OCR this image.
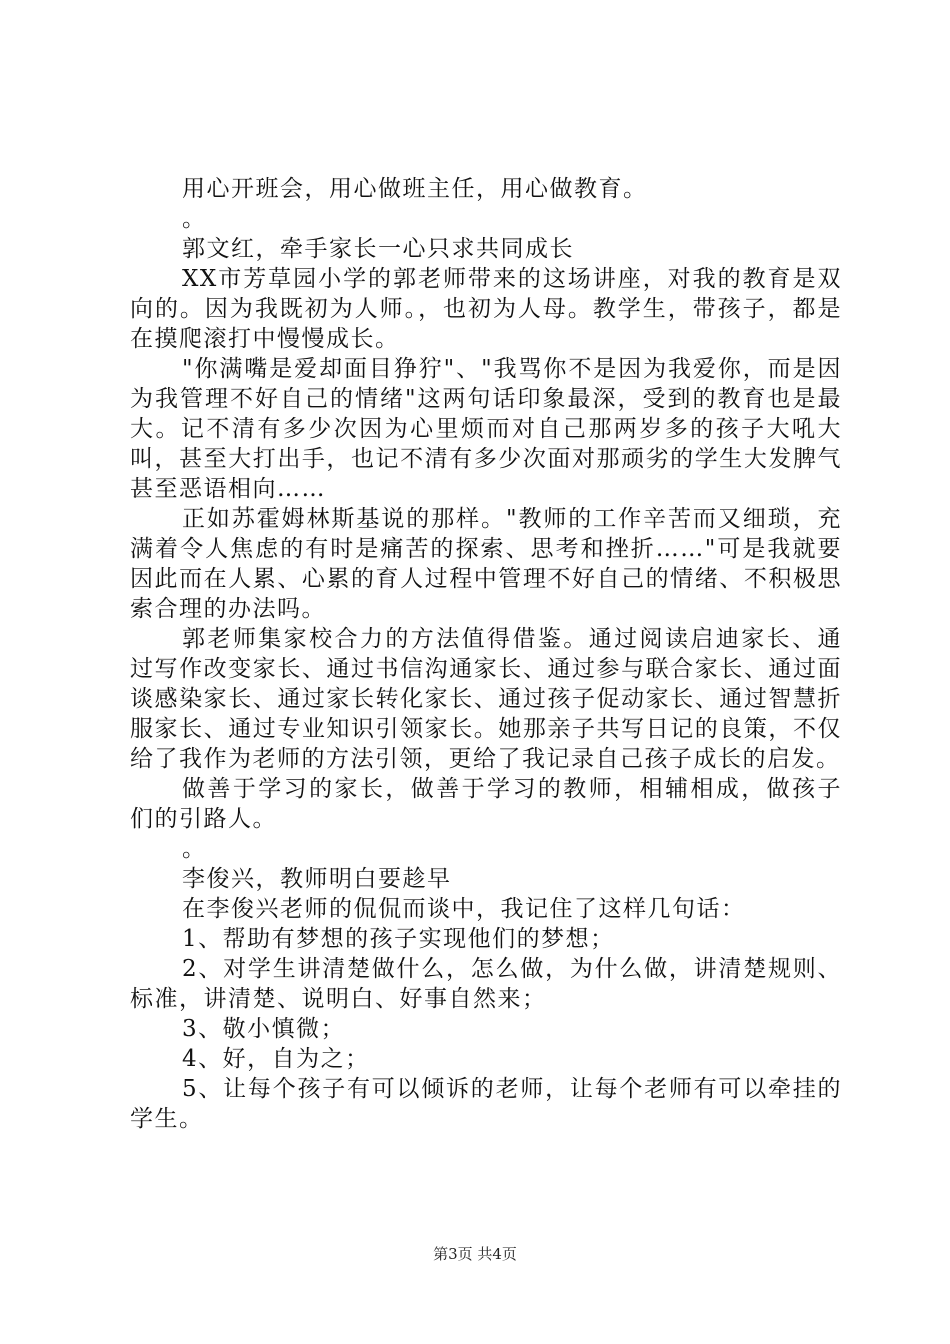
用心开班会，用心做班主任，用心做教育。

。

郭文红，牵手家长一心只求共同成长

XX市芳草园小学的郭老师带来的这场讲座，对我的教育是双向的。因为我既初为人师。，也初为人母。教学生，带孩子，都是在摸爬滚打中慢慢成长。

"你满嘴是爱却面目狰狞"、"我骂你不是因为我爱你，而是因为我管理不好自己的情绪"这两句话印象最深，受到的教育也是最大。记不清有多少次因为心里烦而对自己那两岁多的孩子大吼大叫，甚至大打出手，也记不清有多少次面对那顽劣的学生大发脾气甚至恶语相向……

正如苏霍姆林斯基说的那样。"教师的工作辛苦而又细琐，充满着令人焦虑的有时是痛苦的探索、思考和挫折……"可是我就要因此而在人累、心累的育人过程中管理不好自己的情绪、不积极思索合理的办法吗。

郭老师集家校合力的方法值得借鉴。通过阅读启迪家长、通过写作改变家长、通过书信沟通家长、通过参与联合家长、通过面谈感染家长、通过家长转化家长、通过孩子促动家长、通过智慧折服家长、通过专业知识引领家长。她那亲子共写日记的良策，不仅给了我作为老师的方法引领，更给了我记录自己孩子成长的启发。

做善于学习的家长，做善于学习的教师，相辅相成，做孩子们的引路人。

。

李俊兴，教师明白要趁早

在李俊兴老师的侃侃而谈中，我记住了这样几句话：

1、帮助有梦想的孩子实现他们的梦想；

2、对学生讲清楚做什么，怎么做，为什么做，讲清楚规则、标准，讲清楚、说明白、好事自然来；

3、敬小慎微；

4、好，自为之；

5、让每个孩子有可以倾诉的老师，让每个老师有可以牵挂的学生。

第3页 共4页
